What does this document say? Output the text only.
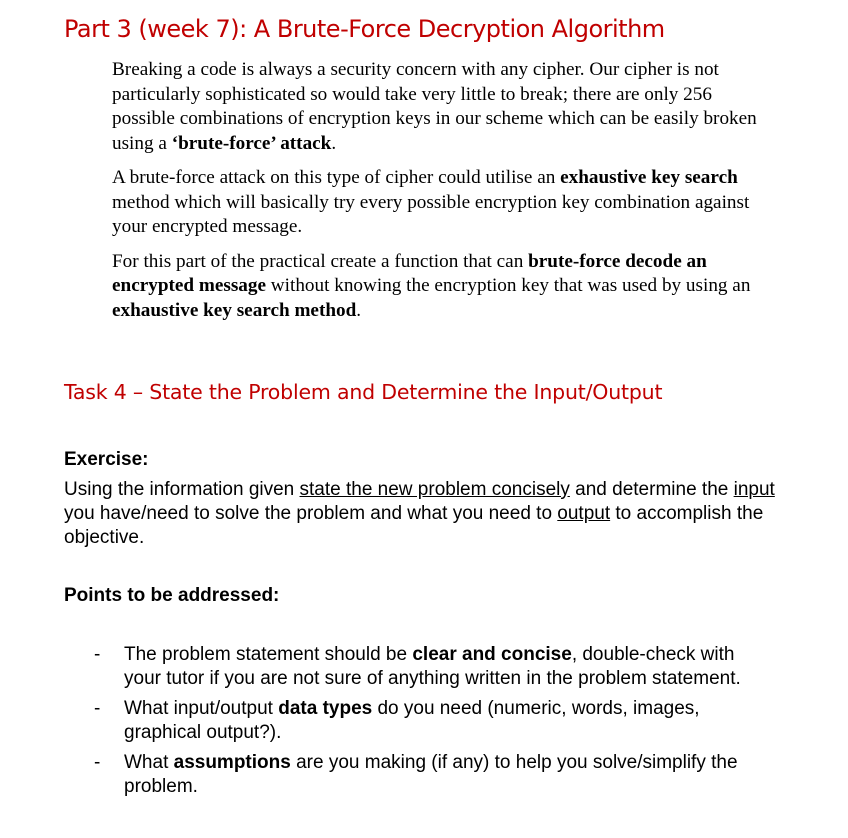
Part 3 (week 7): A Brute-Force Decryption Algorithm

Breaking a code is always a security concern with any cipher. Our cipher is not particularly sophisticated so would take very little to break; there are only 256 possible combinations of encryption keys in our scheme which can be easily broken using a ‘brute-force’ attack.

A brute-force attack on this type of cipher could utilise an exhaustive key search method which will basically try every possible encryption key combination against your encrypted message.

For this part of the practical create a function that can brute-force decode an encrypted message without knowing the encryption key that was used by using an exhaustive key search method.

Task 4 – State the Problem and Determine the Input/Output
Exercise:

Using the information given state the new problem concisely and determine the input you have/need to solve the problem and what you need to output to accomplish the objective.

Points to be addressed:
- The problem statement should be clear and concise, double-check with your tutor if you are not sure of anything written in the problem statement.
- What input/output data types do you need (numeric, words, images, graphical output?).
- What assumptions are you making (if any) to help you solve/simplify the problem.
